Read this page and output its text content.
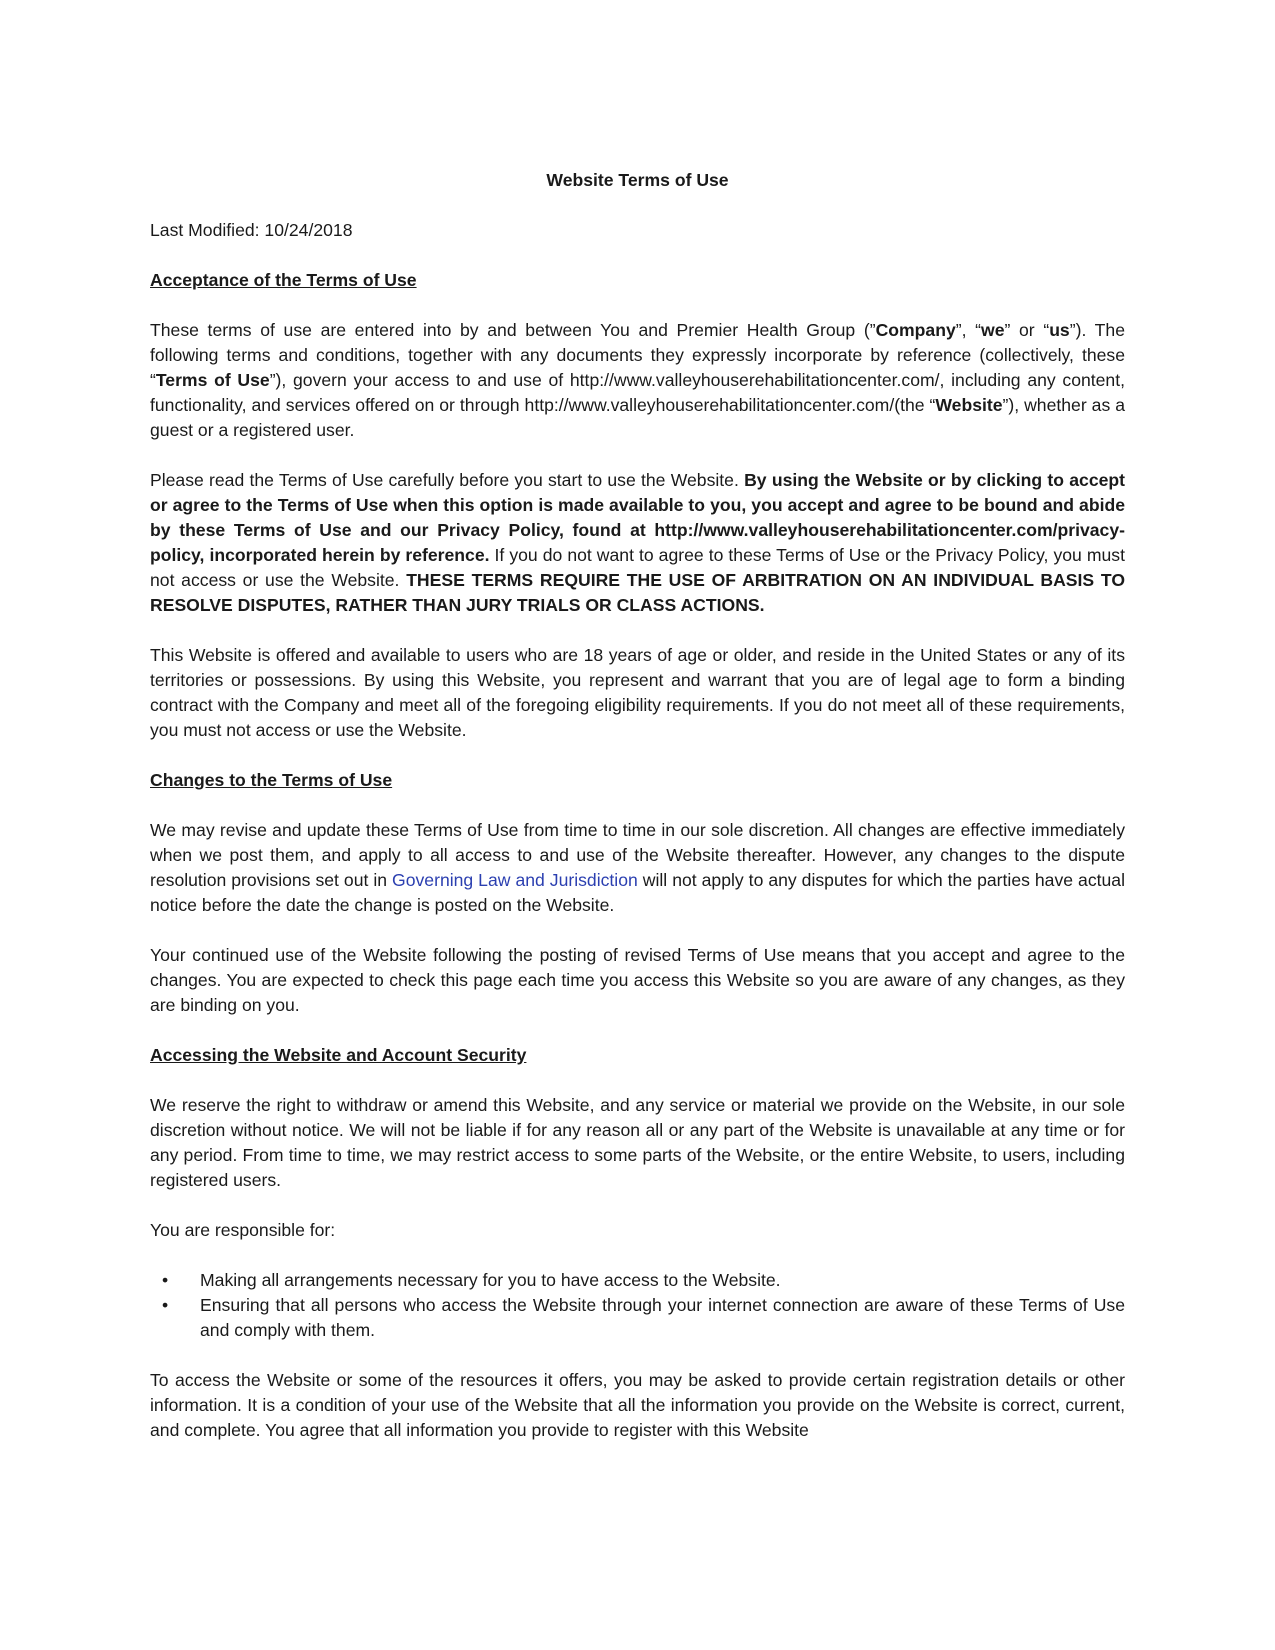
Website Terms of Use
Last Modified: 10/24/2018
Acceptance of the Terms of Use

These terms of use are entered into by and between You and Premier Health Group (”Company”, “we” or “us”). The following terms and conditions, together with any documents they expressly incorporate by reference (collectively, these “Terms of Use”), govern your access to and use of http://www.valleyhouserehabilitationcenter.com/, including any content, functionality, and services offered on or through http://www.valleyhouserehabilitationcenter.com/(the “Website”), whether as a guest or a registered user.

Please read the Terms of Use carefully before you start to use the Website. By using the Website or by clicking to accept or agree to the Terms of Use when this option is made available to you, you accept and agree to be bound and abide by these Terms of Use and our Privacy Policy, found at http://www.valleyhouserehabilitationcenter.com/privacy-policy, incorporated herein by reference. If you do not want to agree to these Terms of Use or the Privacy Policy, you must not access or use the Website. THESE TERMS REQUIRE THE USE OF ARBITRATION ON AN INDIVIDUAL BASIS TO RESOLVE DISPUTES, RATHER THAN JURY TRIALS OR CLASS ACTIONS.

This Website is offered and available to users who are 18 years of age or older, and reside in the United States or any of its territories or possessions. By using this Website, you represent and warrant that you are of legal age to form a binding contract with the Company and meet all of the foregoing eligibility requirements. If you do not meet all of these requirements, you must not access or use the Website.

Changes to the Terms of Use

We may revise and update these Terms of Use from time to time in our sole discretion. All changes are effective immediately when we post them, and apply to all access to and use of the Website thereafter. However, any changes to the dispute resolution provisions set out in Governing Law and Jurisdiction will not apply to any disputes for which the parties have actual notice before the date the change is posted on the Website.

Your continued use of the Website following the posting of revised Terms of Use means that you accept and agree to the changes. You are expected to check this page each time you access this Website so you are aware of any changes, as they are binding on you.

Accessing the Website and Account Security

We reserve the right to withdraw or amend this Website, and any service or material we provide on the Website, in our sole discretion without notice. We will not be liable if for any reason all or any part of the Website is unavailable at any time or for any period. From time to time, we may restrict access to some parts of the Website, or the entire Website, to users, including registered users.

You are responsible for:

• Making all arrangements necessary for you to have access to the Website.
• Ensuring that all persons who access the Website through your internet connection are aware of these Terms of Use and comply with them.

To access the Website or some of the resources it offers, you may be asked to provide certain registration details or other information. It is a condition of your use of the Website that all the information you provide on the Website is correct, current, and complete. You agree that all information you provide to register with this Website
